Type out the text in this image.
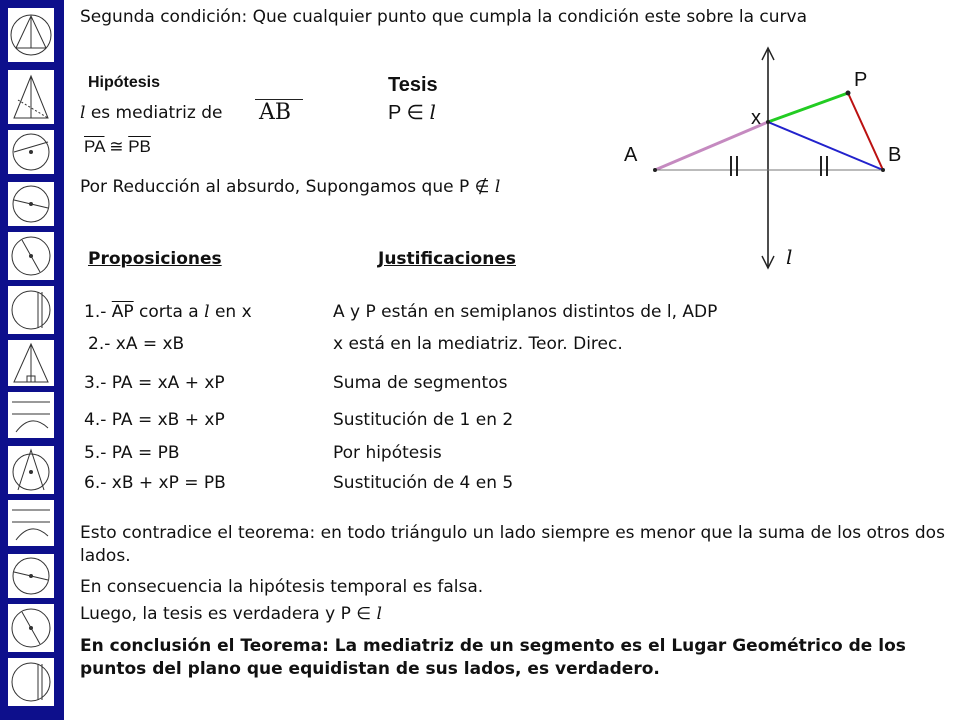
Segunda condición: Que cualquier punto que cumpla la condición este sobre la curva
Hipótesis
l es mediatriz de AB
$\overline{PA}$ ≅ $\overline{PB}$
Tesis
P ∈ l
Por Reducción al absurdo, Supongamos que P ∉ l
Proposiciones	Justificaciones
1.- $\overline{AP}$ corta a l en x	A y P están en semiplanos distintos de l, ADP
2.- xA = xB	x está en la mediatriz. Teor. Direc.
3.- PA = xA + xP	Suma de segmentos
4.- PA = xB + xP	Sustitución de 1 en 2
5.- PA = PB	Por hipótesis
6.- xB + xP = PB	Sustitución de 4 en 5
Esto contradice el teorema: en todo triángulo un lado siempre es menor que la suma de los otros dos lados.
En consecuencia la hipótesis temporal es falsa.
Luego, la tesis es verdadera y P ∈ l
En conclusión el Teorema: La mediatriz de un segmento es el Lugar Geométrico de los puntos del plano que equidistan de sus lados, es verdadero.
A	B
P
x
l
